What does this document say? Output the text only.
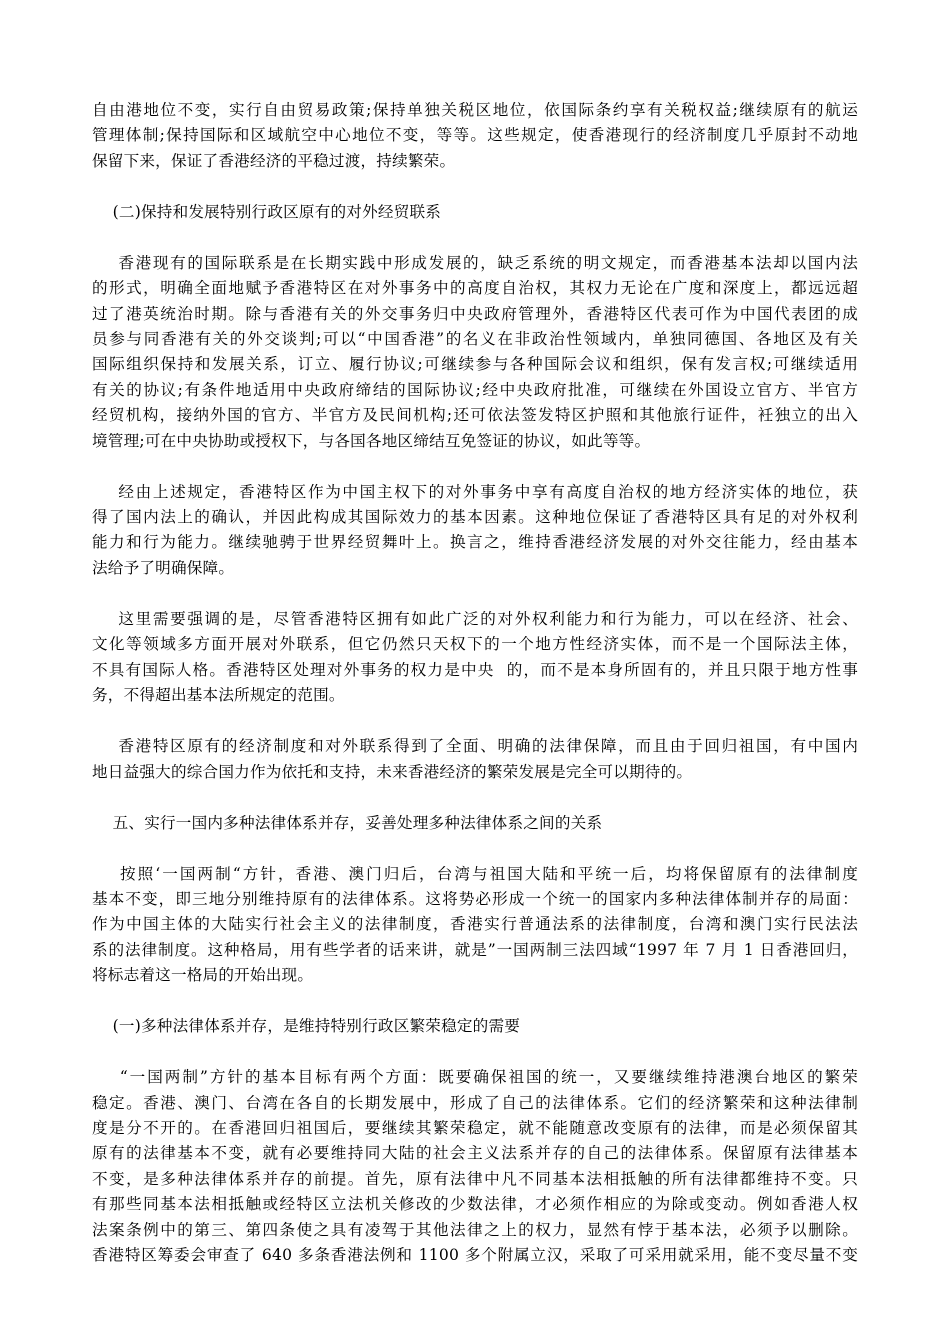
自由港地位不变，实行自由贸易政策;保持单独关税区地位，依国际条约享有关税权益;继续原有的航运
管理体制;保持国际和区域航空中心地位不变，等等。这些规定，使香港现行的经济制度几乎原封不动地
保留下来，保证了香港经济的平稳过渡，持续繁荣。
(二)保持和发展特别行政区原有的对外经贸联系
香港现有的国际联系是在长期实践中形成发展的，缺乏系统的明文规定，而香港基本法却以国内法
的形式，明确全面地赋予香港特区在对外事务中的高度自治权，其权力无论在广度和深度上，都远远超
过了港英统治时期。除与香港有关的外交事务归中央政府管理外，香港特区代表可作为中国代表团的成
员参与同香港有关的外交谈判;可以“中国香港”的名义在非政治性领域内，单独同德国、各地区及有关
国际组织保持和发展关系，订立、履行协议;可继续参与各种国际会议和组织，保有发言权;可继续适用
有关的协议;有条件地适用中央政府缔结的国际协议;经中央政府批准，可继续在外国设立官方、半官方
经贸机构，接纳外国的官方、半官方及民间机构;还可依法签发特区护照和其他旅行证件，衽独立的出入
境管理;可在中央协助或授权下，与各国各地区缔结互免签证的协议，如此等等。
经由上述规定，香港特区作为中国主权下的对外事务中享有高度自治权的地方经济实体的地位，获
得了国内法上的确认，并因此构成其国际效力的基本因素。这种地位保证了香港特区具有足的对外权利
能力和行为能力。继续驰骋于世界经贸舞叶上。换言之，维持香港经济发展的对外交往能力，经由基本
法给予了明确保障。
这里需要强调的是，尽管香港特区拥有如此广泛的对外权利能力和行为能力，可以在经济、社会、
文化等领域多方面开展对外联系，但它仍然只天权下的一个地方性经济实体，而不是一个国际法主体，
不具有国际人格。香港特区处理对外事务的权力是中央  的，而不是本身所固有的，并且只限于地方性事
务，不得超出基本法所规定的范围。
香港特区原有的经济制度和对外联系得到了全面、明确的法律保障，而且由于回归祖国，有中国内
地日益强大的综合国力作为依托和支持，未来香港经济的繁荣发展是完全可以期待的。
五、实行一国内多种法律体系并存，妥善处理多种法律体系之间的关系
按照‘一国两制“方针，香港、澳门归后，台湾与祖国大陆和平统一后，均将保留原有的法律制度
基本不变，即三地分别维持原有的法律体系。这将势必形成一个统一的国家内多种法律体制并存的局面：
作为中国主体的大陆实行社会主义的法律制度，香港实行普通法系的法律制度，台湾和澳门实行民法法
系的法律制度。这种格局，用有些学者的话来讲，就是”一国两制三法四域“1997 年 7 月 1 日香港回归，
将标志着这一格局的开始出现。
(一)多种法律体系并存，是维持特别行政区繁荣稳定的需要
“一国两制”方针的基本目标有两个方面：既要确保祖国的统一，又要继续维持港澳台地区的繁荣
稳定。香港、澳门、台湾在各自的长期发展中，形成了自己的法律体系。它们的经济繁荣和这种法律制
度是分不开的。在香港回归祖国后，要继续其繁荣稳定，就不能随意改变原有的法律，而是必须保留其
原有的法律基本不变，就有必要维持同大陆的社会主义法系并存的自己的法律体系。保留原有法律基本
不变，是多种法律体系并存的前提。首先，原有法律中凡不同基本法相抵触的所有法律都维持不变。只
有那些同基本法相抵触或经特区立法机关修改的少数法律，才必须作相应的为除或变动。例如香港人权
法案条例中的第三、第四条使之具有凌驾于其他法律之上的权力，显然有悖于基本法，必须予以删除。
香港特区筹委会审查了 640 多条香港法例和 1100 多个附属立汉，采取了可采用就采用，能不变尽量不变
